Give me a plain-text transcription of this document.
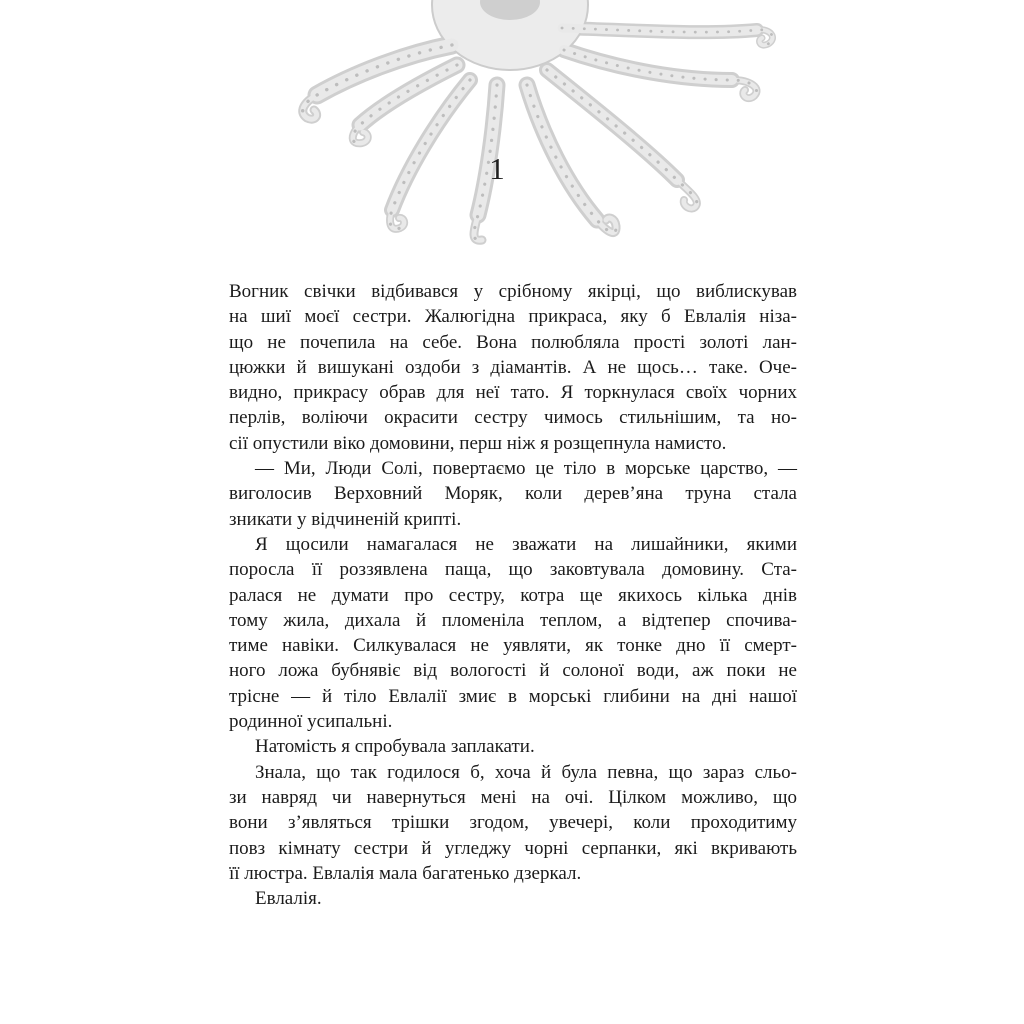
1
Вогник свічки відбивався у срібному якірці, що виблискував
на шиї моєї сестри. Жалюгідна прикраса, яку б Евлалія ніза-
що не почепила на себе. Вона полюбляла прості золоті лан-
цюжки й вишукані оздоби з діамантів. А не щось… таке. Оче-
видно, прикрасу обрав для неї тато. Я торкнулася своїх чорних
перлів, воліючи окрасити сестру чимось стильнішим, та но-
сії опустили віко домовини, перш ніж я розщепнула намисто.
— Ми, Люди Солі, повертаємо це тіло в морське царство, —
виголосив Верховний Моряк, коли дерев’яна труна стала
зникати у відчиненій крипті.
Я щосили намагалася не зважати на лишайники, якими
поросла її роззявлена паща, що заковтувала домовину. Ста-
ралася не думати про сестру, котра ще якихось кілька днів
тому жила, дихала й пломеніла теплом, а відтепер спочива-
тиме навіки. Силкувалася не уявляти, як тонке дно її смерт-
ного ложа бубнявіє від вологості й солоної води, аж поки не
трісне — й тіло Евлалії змиє в морські глибини на дні нашої
родинної усипальні.
Натомість я спробувала заплакати.
Знала, що так годилося б, хоча й була певна, що зараз сльо-
зи навряд чи навернуться мені на очі. Цілком можливо, що
вони з’являться трішки згодом, увечері, коли проходитиму
повз кімнату сестри й угледжу чорні серпанки, які вкривають
її люстра. Евлалія мала багатенько дзеркал.
Евлалія.
